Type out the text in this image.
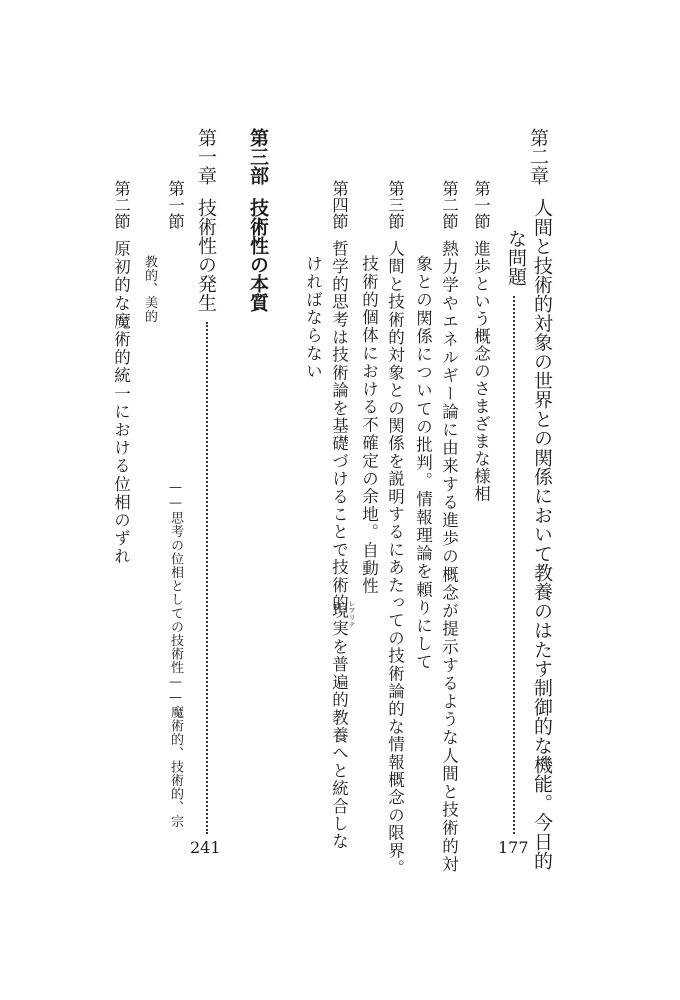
第二章
人間と技術的対象の世界との関係において教養のはたす制御的な機能。今日的
な問題
177
第一節
進歩という概念のさまざまな様相
第二節
熱力学やエネルギー論に由来する進歩の概念が提示するような人間と技術的対
象との関係についての批判。情報理論を頼りにして
第三節
人間と技術的対象との関係を説明するにあたっての技術論的な情報概念の限界。
技術的個体における不確定の余地。自動性
第四節
哲学的思考は技術論を基礎づけることで技術的
現実 レアリテ
を普遍的教養へと統合しな
ければならない
第三部
技術性の本質
第一章
技術性の発生
241
第一節
——思考の位相としての技術性——魔術的、技術的、宗
教的、美的
第二節
原初的な魔術的統一における位相のずれ
